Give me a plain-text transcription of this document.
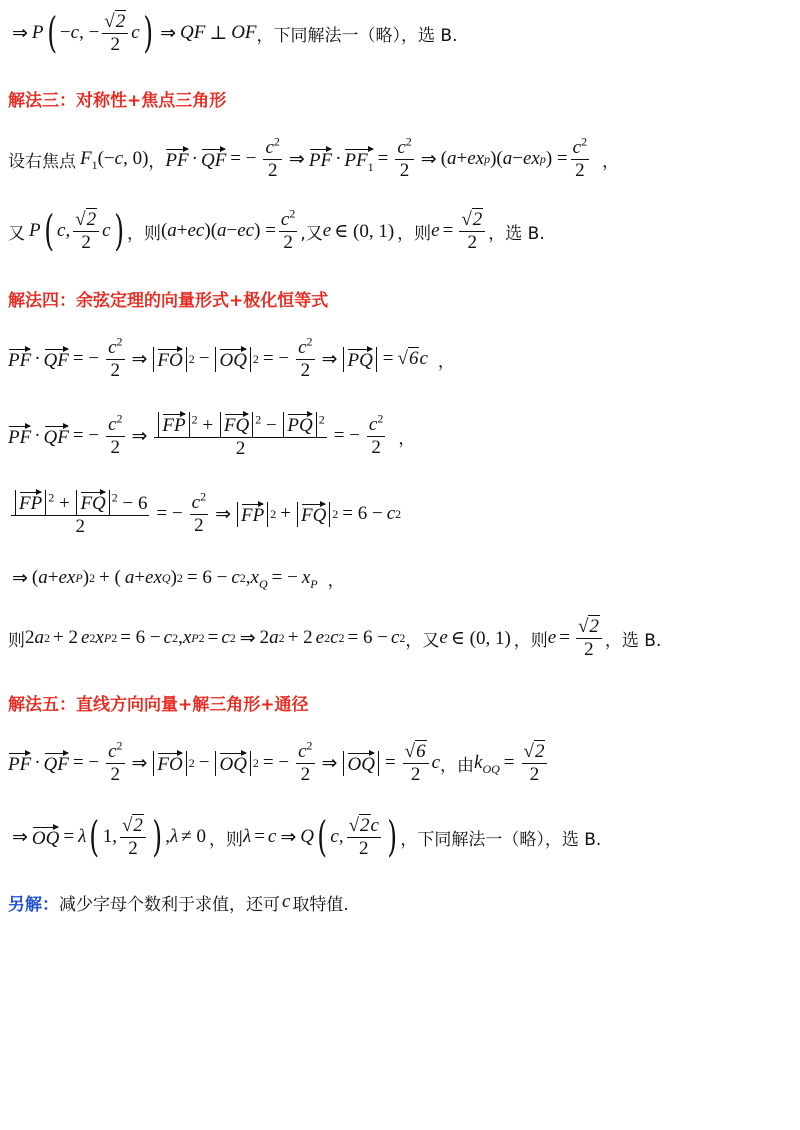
⇒ P ( − c , − $\frac{√2}{2}$ c ) ⇒ QF ⊥ OF ，下同解法一（略），选 B.
解法三：对称性+焦点三角形
设右焦点 $F_1$ (− c , 0) ， PF · QF = − $\frac{c^2}{2}$ ⇒ PF · $PF_1 = \frac{c^2}{2}$ ⇒ ( a + ex p )( a − ex p ) = $\frac{c^2}{2}$ ，
又 P ( c , $\frac{√2}{2}$ c ) ，则 ( a + ec )( a − ec ) = $\frac{c^2}{2}$ ,又 e ∈ (0, 1) ，则 $e = \frac{√2}{2}$ ，选 B.
解法四：余弦定理的向量形式+极化恒等式
PF · QF = − $\frac{c^2}{2}$ ⇒ FO 2 − OQ 2 = − $\frac{c^2}{2}$ ⇒ PQ = √6 c ，
PF · QF = − $\frac{c^2}{2}$ ⇒ $\frac{FP ^2 + FQ ^2 - PQ ^2}{2}$ = − $\frac{c^2}{2}$ ，
$\frac{FP ^2 + FQ ^2 - 6}{2}$ = − $\frac{c^2}{2}$ ⇒ FP 2 + FQ 2 = 6 − c 2
⇒ ( a + ex P ) 2 + ( a + ex Q ) 2 = 6 − c 2 , $x_Q$ = − $x_P$ ，
则 2 a 2 + 2 e 2 x P 2 = 6 − c 2 , x P 2 = c 2 ⇒ 2 a 2 + 2 e 2 c 2 = 6 − c 2 ，又 e ∈ (0, 1) ，则 $e = \frac{√2}{2}$ ，选 B.
解法五：直线方向向量+解三角形+通径
PF · QF = − $\frac{c^2}{2}$ ⇒ FO 2 − OQ 2 = − $\frac{c^2}{2}$ ⇒ OQ = $\frac{√6}{2}$ c ，由 $k_{OQ} = \frac{√2}{2}$
⇒ OQ = λ ( 1, $\frac{√2}{2}$ ) , λ ≠ 0 ，则 λ = c ⇒ Q ( c , $\frac{√2c}{2}$ ) ，下同解法一（略），选 B.
另解： 减少字母个数利于求值，还可 c 取特值.
